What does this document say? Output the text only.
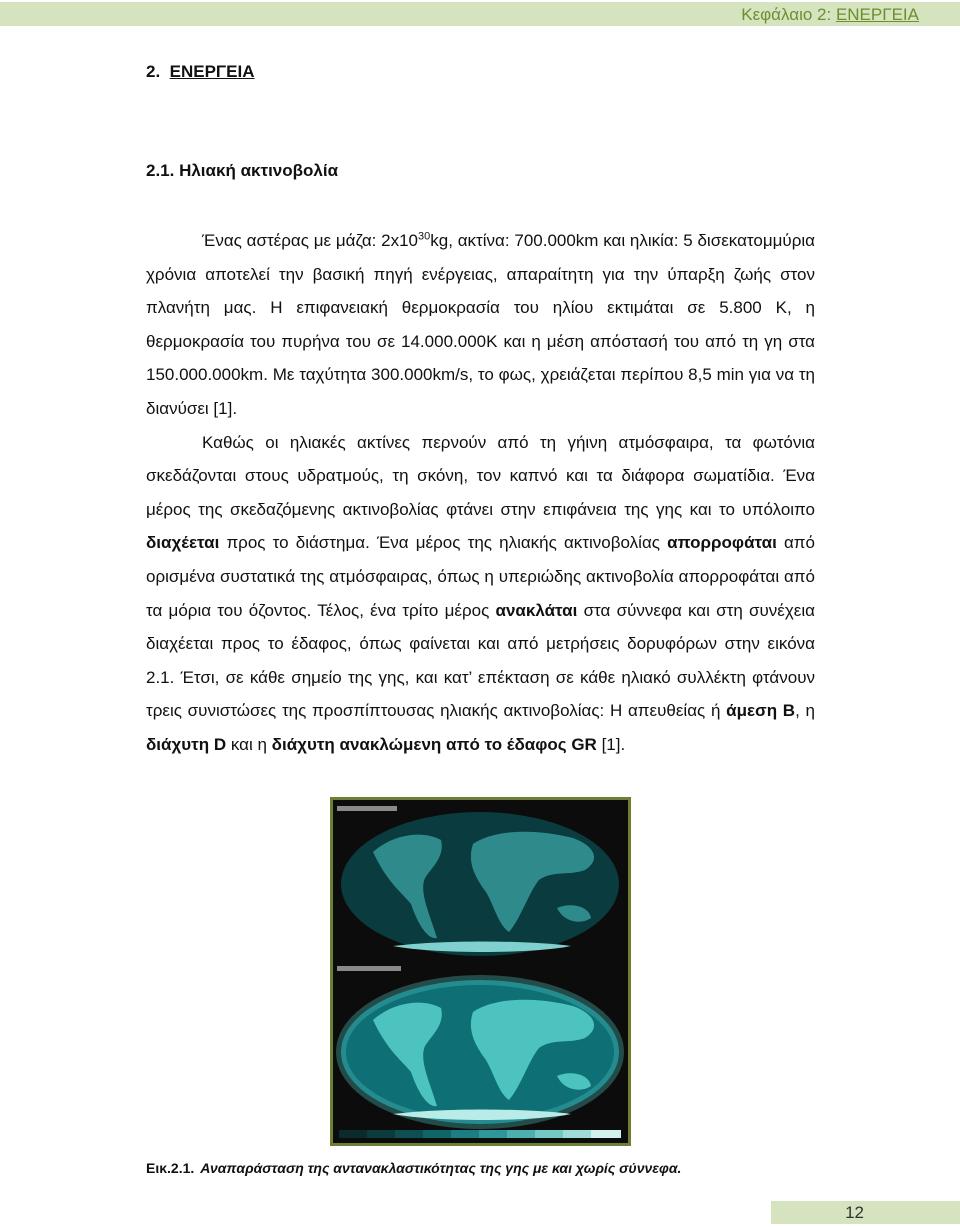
Κεφάλαιο 2: ΕΝΕΡΓΕΙΑ
2. ΕΝΕΡΓΕΙΑ
2.1. Ηλιακή ακτινοβολία

Ένας αστέρας με μάζα: $2x10^{30}kg$, ακτίνα: 700.000km και ηλικία: 5 δισεκατομμύρια χρόνια αποτελεί την βασική πηγή ενέργειας, απαραίτητη για την ύπαρξη ζωής στον πλανήτη μας. Η επιφανειακή θερμοκρασία του ηλίου εκτιμάται σε 5.800 K, η θερμοκρασία του πυρήνα του σε 14.000.000K και η μέση απόστασή του από τη γη στα 150.000.000km. Με ταχύτητα 300.000km/s, το φως, χρειάζεται περίπου 8,5 min για να τη διανύσει [1].

Καθώς οι ηλιακές ακτίνες περνούν από τη γήινη ατμόσφαιρα, τα φωτόνια σκεδάζονται στους υδρατμούς, τη σκόνη, τον καπνό και τα διάφορα σωματίδια. Ένα μέρος της σκεδαζόμενης ακτινοβολίας φτάνει στην επιφάνεια της γης και το υπόλοιπο διαχέεται προς το διάστημα. Ένα μέρος της ηλιακής ακτινοβολίας απορροφάται από ορισμένα συστατικά της ατμόσφαιρας, όπως η υπεριώδης ακτινοβολία απορροφάται από τα μόρια του όζοντος. Τέλος, ένα τρίτο μέρος ανακλάται στα σύννεφα και στη συνέχεια διαχέεται προς το έδαφος, όπως φαίνεται και από μετρήσεις δορυφόρων στην εικόνα 2.1. Έτσι, σε κάθε σημείο της γης, και κατ’ επέκταση σε κάθε ηλιακό συλλέκτη φτάνουν τρεις συνιστώσες της προσπίπτουσας ηλιακής ακτινοβολίας: Η απευθείας ή άμεση B, η διάχυτη D και η διάχυτη ανακλώμενη από το έδαφος GR [1].

Εικ.2.1. Αναπαράσταση της αντανακλαστικότητας της γης με και χωρίς σύννεφα.
12
